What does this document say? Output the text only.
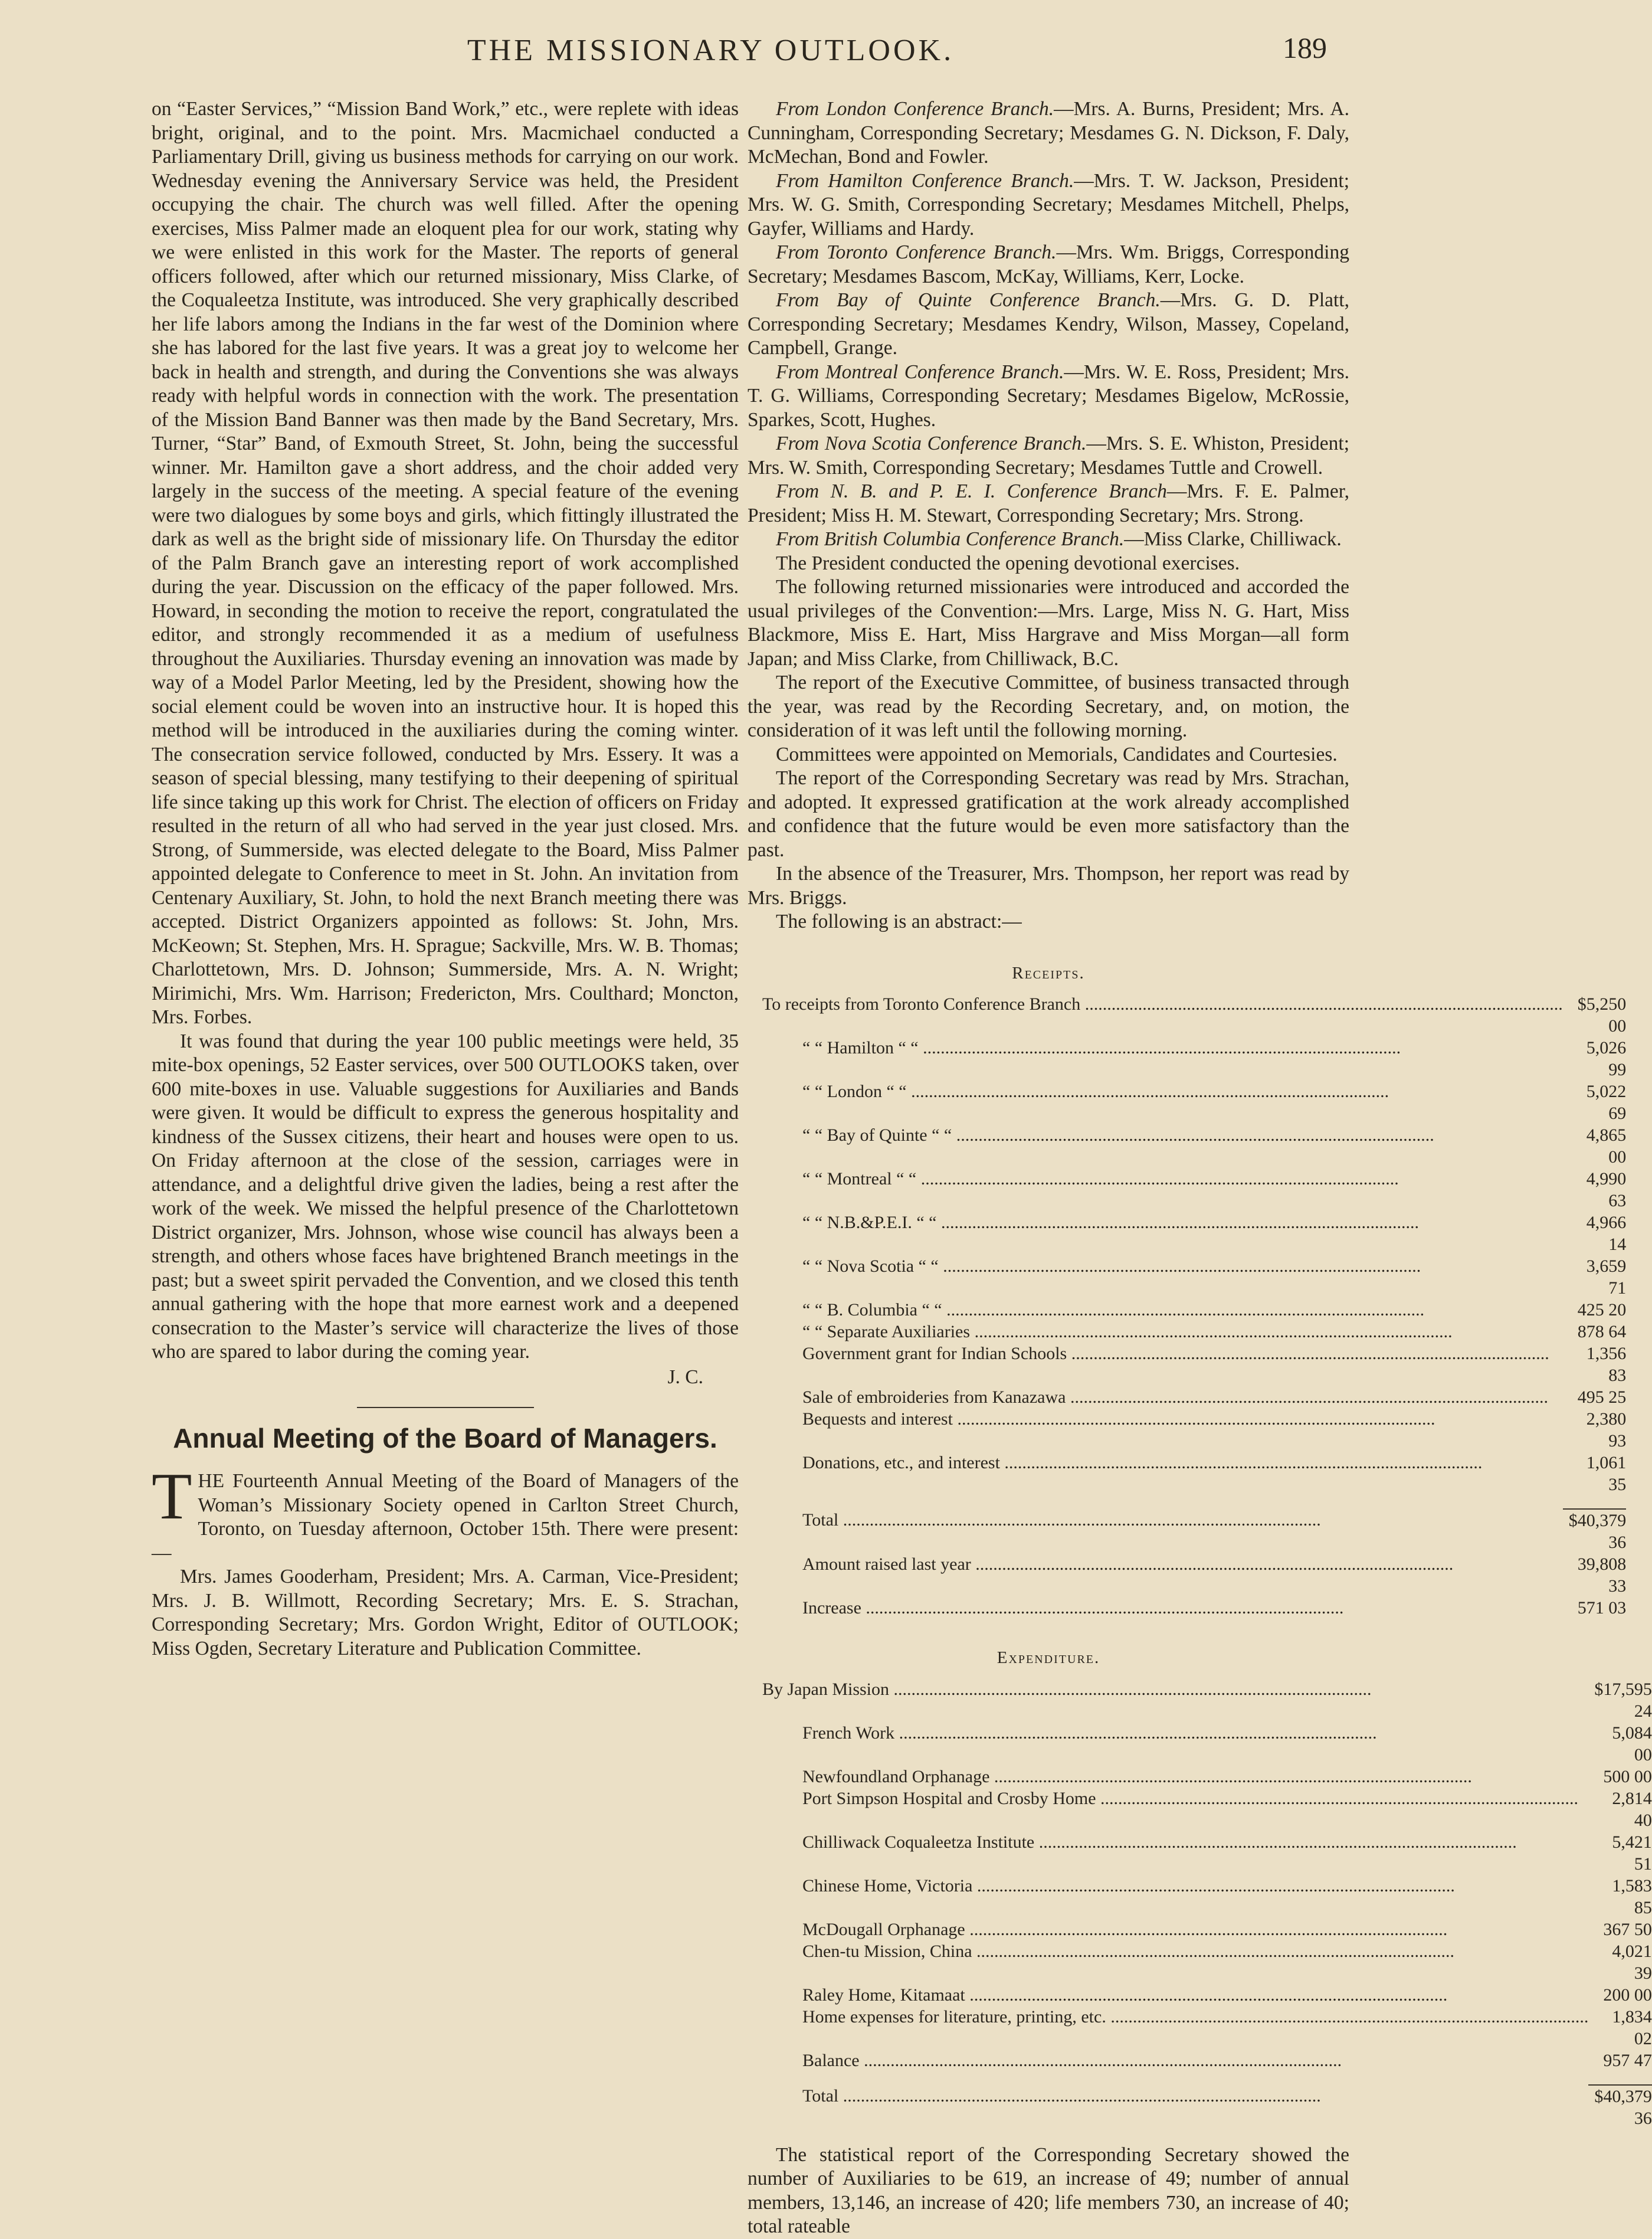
THE MISSIONARY OUTLOOK.	189

on “Easter Services,” “Mission Band Work,” etc., were replete with ideas bright, original, and to the point. Mrs. Macmichael conducted a Parliamentary Drill, giving us business methods for carrying on our work. Wednesday evening the Anniversary Service was held, the President occupying the chair. The church was well filled. After the opening exercises, Miss Palmer made an eloquent plea for our work, stating why we were enlisted in this work for the Master. The reports of general officers followed, after which our returned missionary, Miss Clarke, of the Coqualeetza Institute, was introduced. She very graphically described her life labors among the Indians in the far west of the Dominion where she has labored for the last five years. It was a great joy to welcome her back in health and strength, and during the Conventions she was always ready with helpful words in connection with the work. The presentation of the Mission Band Banner was then made by the Band Secretary, Mrs. Turner, “Star” Band, of Exmouth Street, St. John, being the successful winner. Mr. Hamilton gave a short address, and the choir added very largely in the success of the meeting. A special feature of the evening were two dialogues by some boys and girls, which fittingly illustrated the dark as well as the bright side of missionary life. On Thursday the editor of the Palm Branch gave an interesting report of work accomplished during the year. Discussion on the efficacy of the paper followed. Mrs. Howard, in seconding the motion to receive the report, congratulated the editor, and strongly recommended it as a medium of usefulness throughout the Auxiliaries. Thursday evening an innovation was made by way of a Model Parlor Meeting, led by the President, showing how the social element could be woven into an instructive hour. It is hoped this method will be introduced in the auxiliaries during the coming winter. The consecration service followed, conducted by Mrs. Essery. It was a season of special blessing, many testifying to their deepening of spiritual life since taking up this work for Christ. The election of officers on Friday resulted in the return of all who had served in the year just closed. Mrs. Strong, of Summerside, was elected delegate to the Board, Miss Palmer appointed delegate to Conference to meet in St. John. An invitation from Centenary Auxiliary, St. John, to hold the next Branch meeting there was accepted. District Organizers appointed as follows: St. John, Mrs. McKeown; St. Stephen, Mrs. H. Sprague; Sackville, Mrs. W. B. Thomas; Charlottetown, Mrs. D. Johnson; Summerside, Mrs. A. N. Wright; Mirimichi, Mrs. Wm. Harrison; Fredericton, Mrs. Coulthard; Moncton, Mrs. Forbes.

It was found that during the year 100 public meetings were held, 35 mite-box openings, 52 Easter services, over 500 OUTLOOKS taken, over 600 mite-boxes in use. Valuable suggestions for Auxiliaries and Bands were given. It would be difficult to express the generous hospitality and kindness of the Sussex citizens, their heart and houses were open to us. On Friday afternoon at the close of the session, carriages were in attendance, and a delightful drive given the ladies, being a rest after the work of the week. We missed the helpful presence of the Charlottetown District organizer, Mrs. Johnson, whose wise council has always been a strength, and others whose faces have brightened Branch meetings in the past; but a sweet spirit pervaded the Convention, and we closed this tenth annual gathering with the hope that more earnest work and a deepened consecration to the Master’s service will characterize the lives of those who are spared to labor during the coming year.

J. C.
Annual Meeting of the Board of Managers.

THE Fourteenth Annual Meeting of the Board of Managers of the Woman’s Missionary Society opened in Carlton Street Church, Toronto, on Tuesday afternoon, October 15th. There were present:—

Mrs. James Gooderham, President; Mrs. A. Carman, Vice-President; Mrs. J. B. Willmott, Recording Secretary; Mrs. E. S. Strachan, Corresponding Secretary; Mrs. Gordon Wright, Editor of OUTLOOK; Miss Ogden, Secretary Literature and Publication Committee.

From London Conference Branch.—Mrs. A. Burns, President; Mrs. A. Cunningham, Corresponding Secretary; Mesdames G. N. Dickson, F. Daly, McMechan, Bond and Fowler.

From Hamilton Conference Branch.—Mrs. T. W. Jackson, President; Mrs. W. G. Smith, Corresponding Secretary; Mesdames Mitchell, Phelps, Gayfer, Williams and Hardy.

From Toronto Conference Branch.—Mrs. Wm. Briggs, Corresponding Secretary; Mesdames Bascom, McKay, Williams, Kerr, Locke.

From Bay of Quinte Conference Branch.—Mrs. G. D. Platt, Corresponding Secretary; Mesdames Kendry, Wilson, Massey, Copeland, Campbell, Grange.

From Montreal Conference Branch.—Mrs. W. E. Ross, President; Mrs. T. G. Williams, Corresponding Secretary; Mesdames Bigelow, McRossie, Sparkes, Scott, Hughes.

From Nova Scotia Conference Branch.—Mrs. S. E. Whiston, President; Mrs. W. Smith, Corresponding Secretary; Mesdames Tuttle and Crowell.

From N. B. and P. E. I. Conference Branch—Mrs. F. E. Palmer, President; Miss H. M. Stewart, Corresponding Secretary; Mrs. Strong.

From British Columbia Conference Branch.—Miss Clarke, Chilliwack.

The President conducted the opening devotional exercises.

The following returned missionaries were introduced and accorded the usual privileges of the Convention:—Mrs. Large, Miss N. G. Hart, Miss Blackmore, Miss E. Hart, Miss Hargrave and Miss Morgan—all form Japan; and Miss Clarke, from Chilliwack, B.C.

The report of the Executive Committee, of business transacted through the year, was read by the Recording Secretary, and, on motion, the consideration of it was left until the following morning.

Committees were appointed on Memorials, Candidates and Courtesies.

The report of the Corresponding Secretary was read by Mrs. Strachan, and adopted. It expressed gratification at the work already accomplished and confidence that the future would be even more satisfactory than the past.

In the absence of the Treasurer, Mrs. Thompson, her report was read by Mrs. Briggs.

The following is an abstract:—

Receipts.
To receipts from Toronto Conference Branch .....	$5,250 00
“ “ Hamilton “ “ .....	5,026 99
“ “ London “ “ .....	5,022 69
“ “ Bay of Quinte “ “ .....	4,865 00
“ “ Montreal “ “ .....	4,990 63
“ “ N.B.&P.E.I. “ “ .....	4,966 14
“ “ Nova Scotia “ “ .....	3,659 71
“ “ B. Columbia “ “ .....	425 20
“ “ Separate Auxiliaries .....	878 64
Government grant for Indian Schools .....	1,356 83
Sale of embroideries from Kanazawa .....	495 25
Bequests and interest .....	2,380 93
Donations, etc., and interest .....	1,061 35

Total .....	$40,379 36
Amount raised last year .....	39,808 33
Increase .....	571 03
Expenditure.
By Japan Mission .....	$17,595 24
French Work .....	5,084 00
Newfoundland Orphanage .....	500 00
Port Simpson Hospital and Crosby Home .....	2,814 40
Chilliwack Coqualeetza Institute .....	5,421 51
Chinese Home, Victoria .....	1,583 85
McDougall Orphanage .....	367 50
Chen-tu Mission, China .....	4,021 39
Raley Home, Kitamaat .....	200 00
Home expenses for literature, printing, etc. .....	1,834 02
Balance .....	957 47

Total .....	$40,379 36

The statistical report of the Corresponding Secretary showed the number of Auxiliaries to be 619, an increase of 49; number of annual members, 13,146, an increase of 420; life members 730, an increase of 40; total rateable
